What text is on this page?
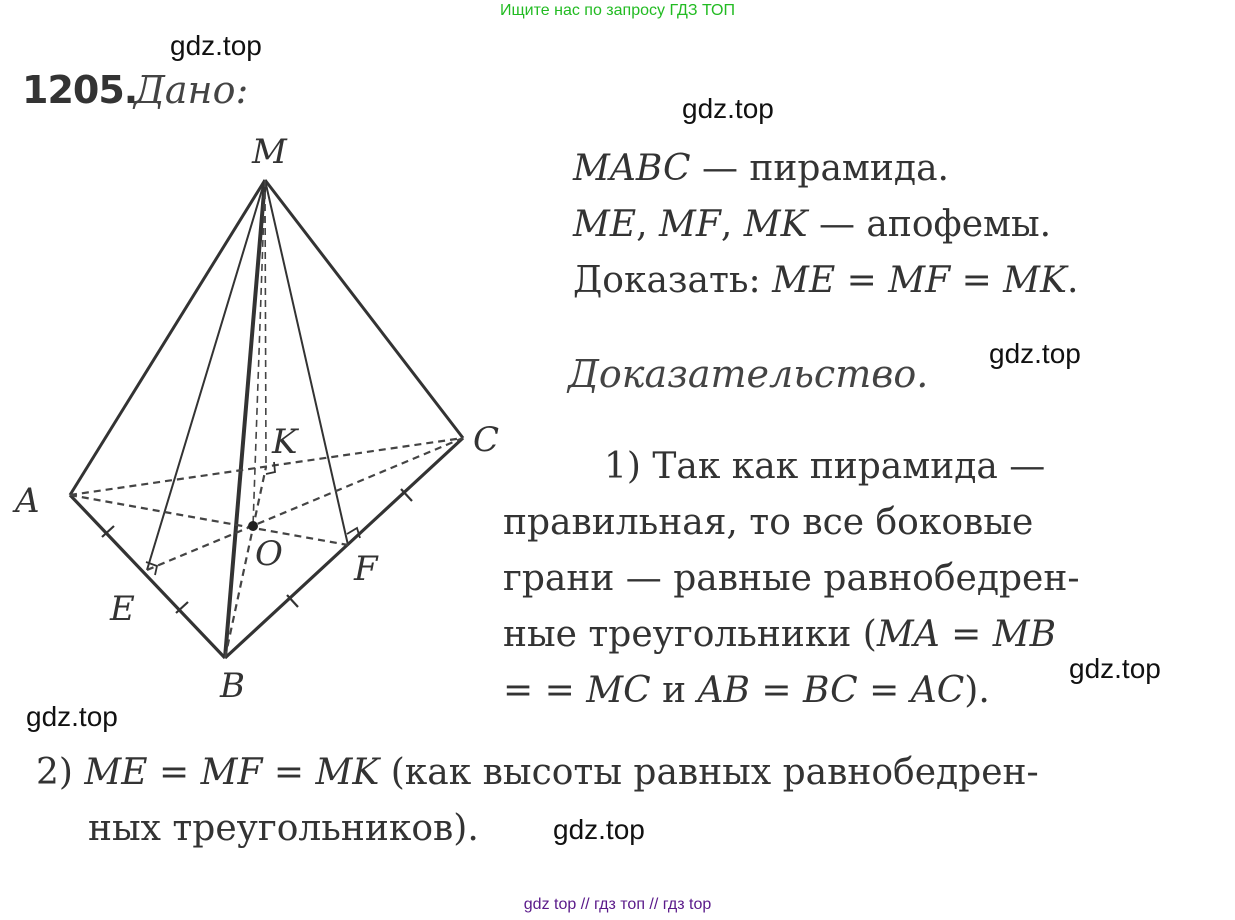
Ищите нас по запросу ГДЗ ТОП
gdz.top
gdz.top
gdz.top
gdz.top
gdz.top
gdz.top
1205.
Дано:
M
A
B
C
K
E
F
O
MABC — пирамида.
ME, MF, MK — апофемы.
Доказать: ME = MF = MK.
Доказательство.
1) Так как пирамида —
правильная, то все боковые
грани — равные равнобедрен-
ные треугольники (MA = MB
= = MC и AB = BC = AC).
2) ME = MF = MK (как высоты равных равнобедрен-
ных треугольников).
gdz top // гдз топ // гдз top
